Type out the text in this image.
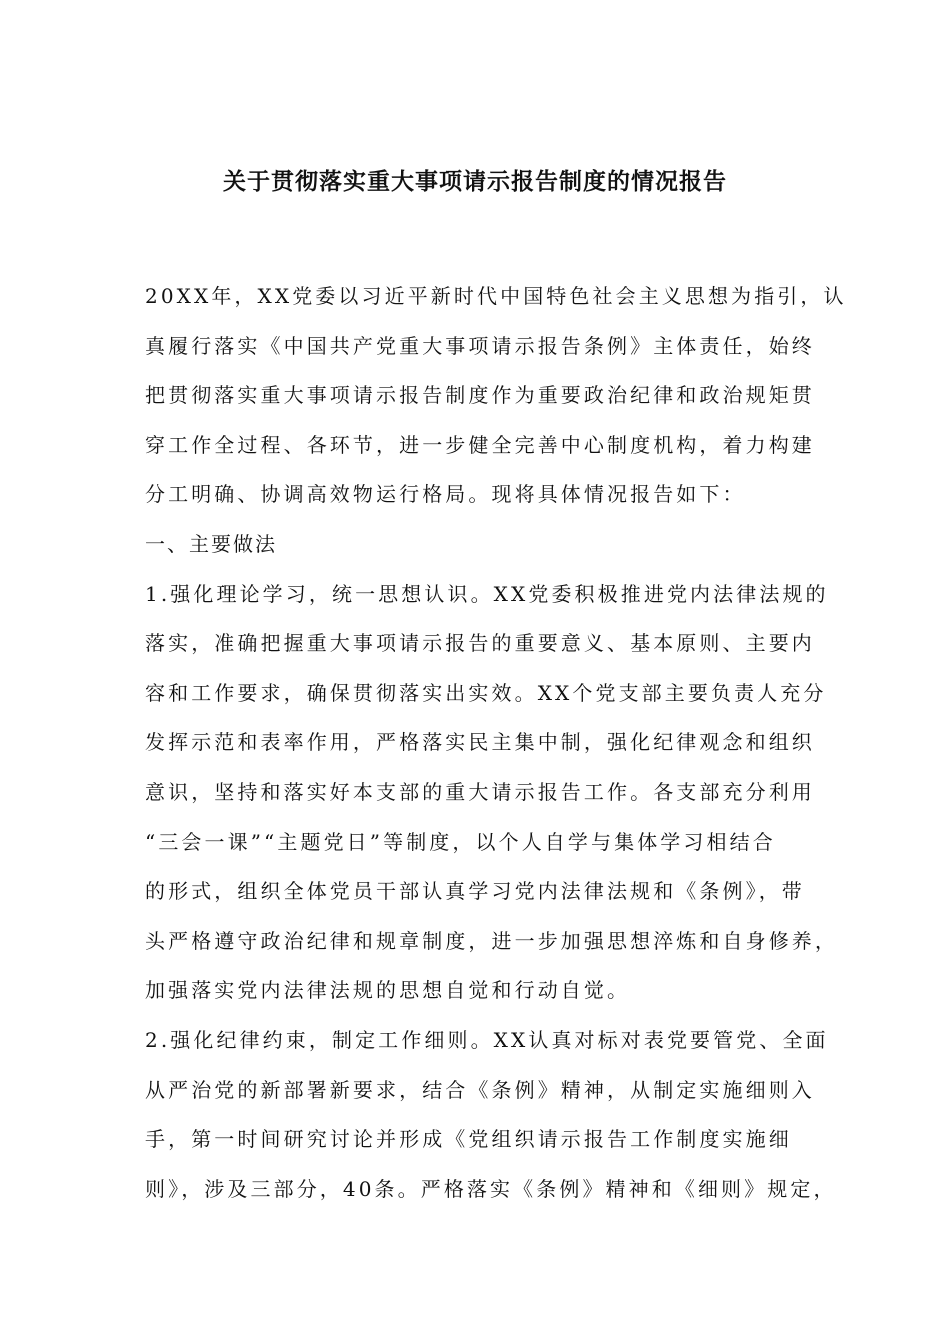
关于贯彻落实重大事项请示报告制度的情况报告
20XX年，XX党委以习近平新时代中国特色社会主义思想为指引，认
真履行落实《中国共产党重大事项请示报告条例》主体责任，始终
把贯彻落实重大事项请示报告制度作为重要政治纪律和政治规矩贯
穿工作全过程、各环节，进一步健全完善中心制度机构，着力构建
分工明确、协调高效物运行格局。现将具体情况报告如下：
一、主要做法
1.强化理论学习，统一思想认识。XX党委积极推进党内法律法规的
落实，准确把握重大事项请示报告的重要意义、基本原则、主要内
容和工作要求，确保贯彻落实出实效。XX个党支部主要负责人充分
发挥示范和表率作用，严格落实民主集中制，强化纪律观念和组织
意识，坚持和落实好本支部的重大请示报告工作。各支部充分利用
“三会一课”“主题党日”等制度，以个人自学与集体学习相结合
的形式，组织全体党员干部认真学习党内法律法规和《条例》，带
头严格遵守政治纪律和规章制度，进一步加强思想淬炼和自身修养，
加强落实党内法律法规的思想自觉和行动自觉。
2.强化纪律约束，制定工作细则。XX认真对标对表党要管党、全面
从严治党的新部署新要求，结合《条例》精神，从制定实施细则入
手，第一时间研究讨论并形成《党组织请示报告工作制度实施细
则》，涉及三部分，40条。严格落实《条例》精神和《细则》规定，
